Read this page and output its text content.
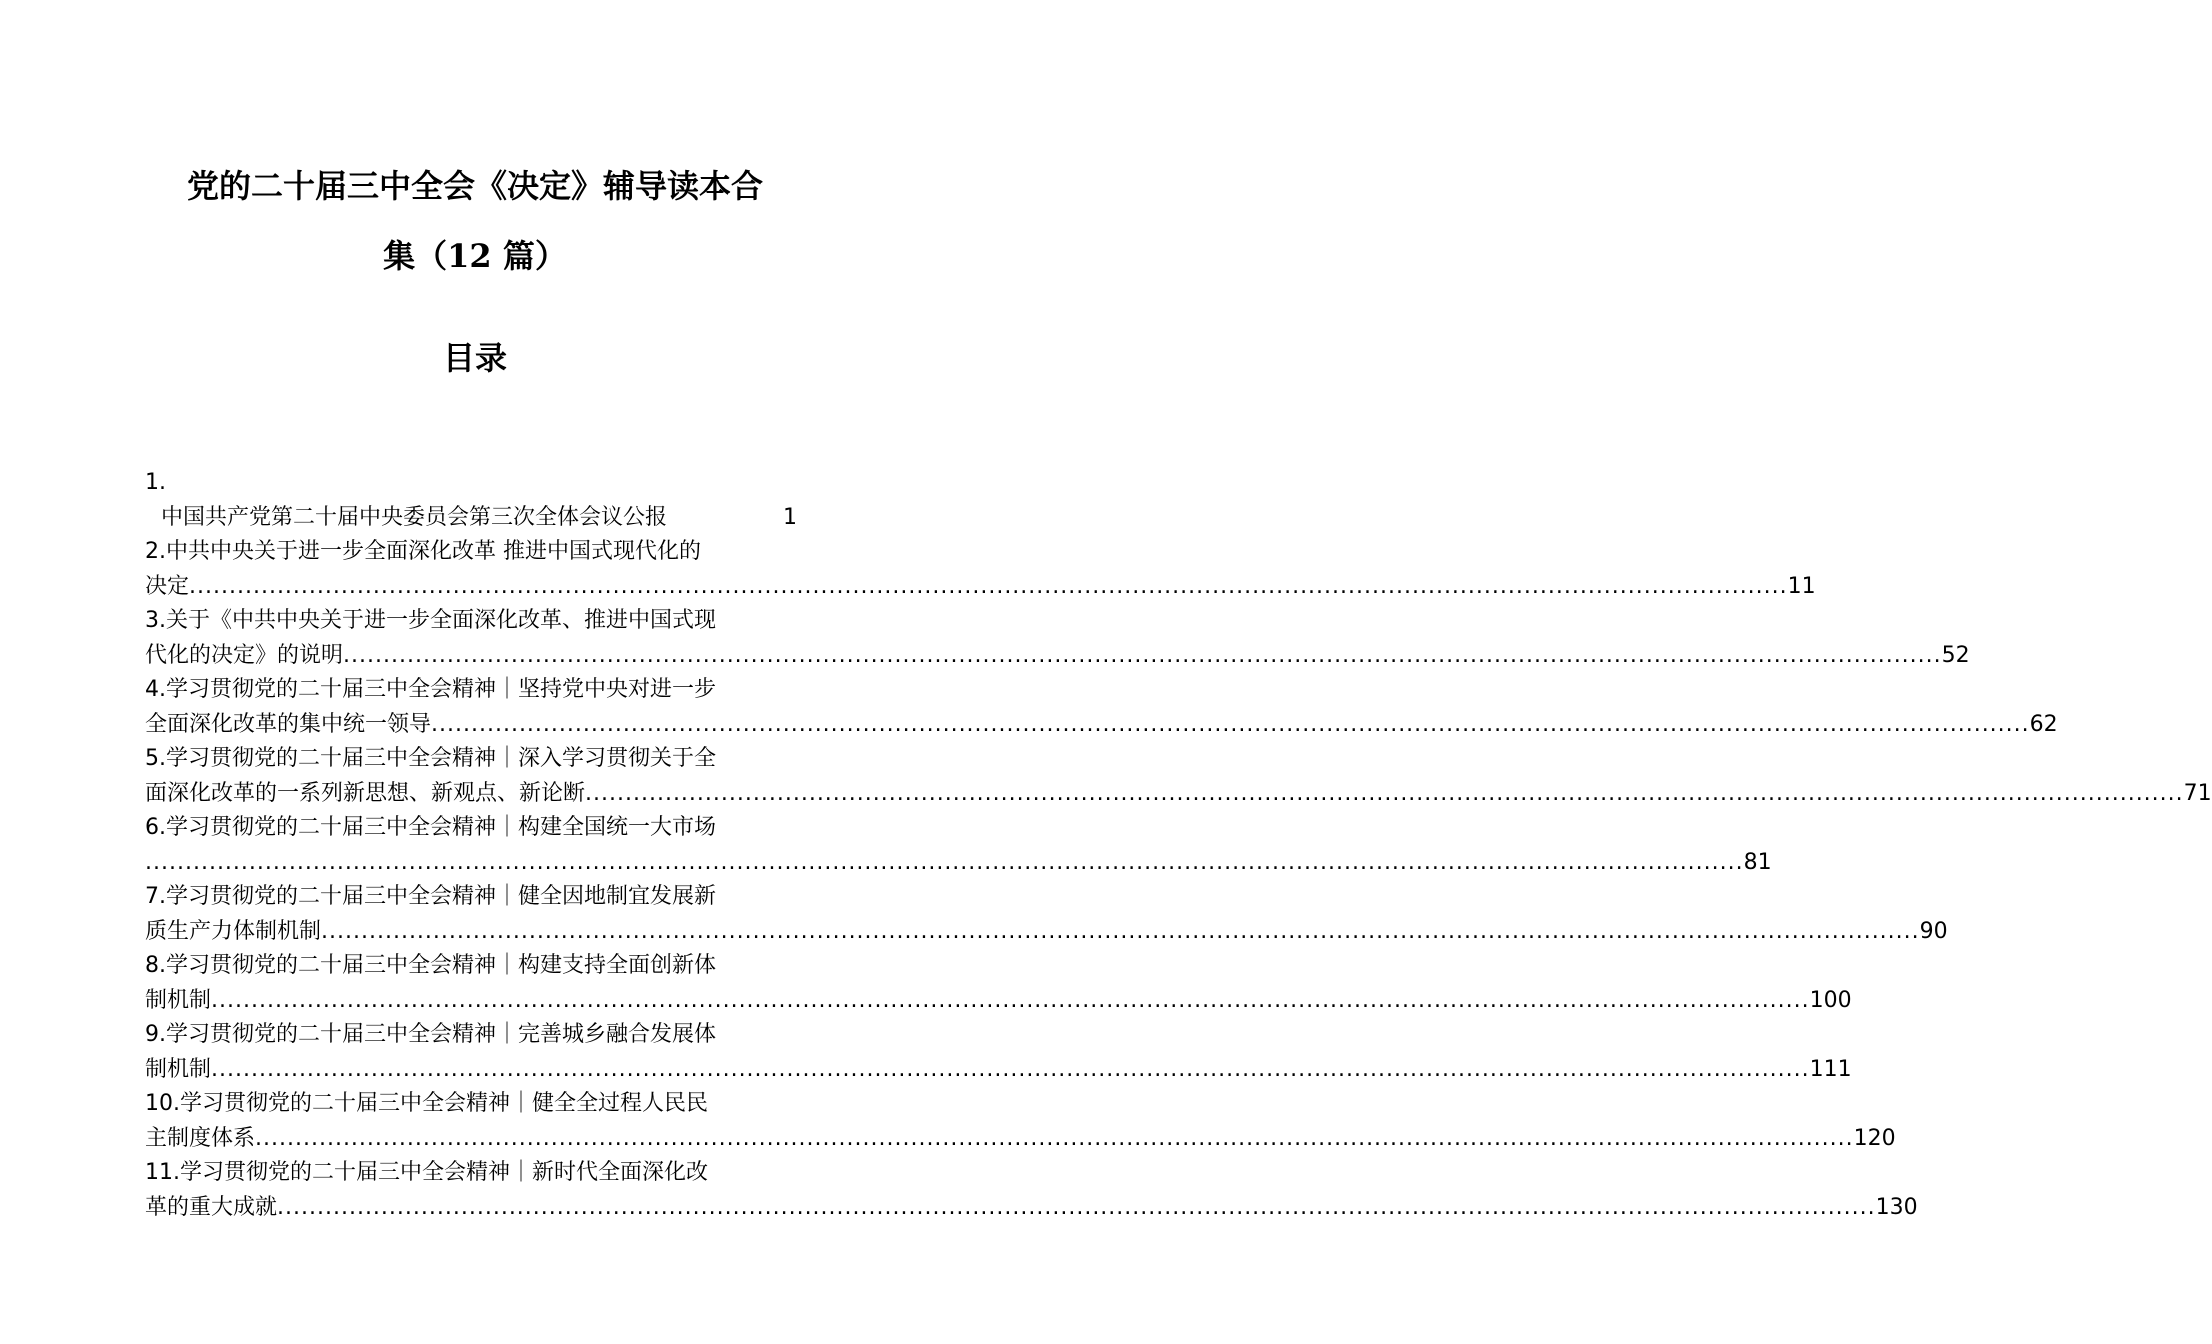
党的二十届三中全会《决定》辅导读本合
集（12 篇）
目录
1.
中国共产党第二十届中央委员会第三次全体会议公报	1
2.中共中央关于进一步全面深化改革 推进中国式现代化的
决定 ........................................................................................................................................................................................................ 11
3.关于《中共中央关于进一步全面深化改革、推进中国式现
代化的决定》的说明 ........................................................................................................................................................................................................ 52
4.学习贯彻党的二十届三中全会精神｜坚持党中央对进一步
全面深化改革的集中统一领导 ........................................................................................................................................................................................................ 62
5.学习贯彻党的二十届三中全会精神｜深入学习贯彻关于全
面深化改革的一系列新思想、新观点、新论断 ........................................................................................................................................................................................................ 71
6.学习贯彻党的二十届三中全会精神｜构建全国统一大市场
........................................................................................................................................................................................................ 81
7.学习贯彻党的二十届三中全会精神｜健全因地制宜发展新
质生产力体制机制 ........................................................................................................................................................................................................ 90
8.学习贯彻党的二十届三中全会精神｜构建支持全面创新体
制机制 ........................................................................................................................................................................................................ 100
9.学习贯彻党的二十届三中全会精神｜完善城乡融合发展体
制机制 ........................................................................................................................................................................................................ 111
10.学习贯彻党的二十届三中全会精神｜健全全过程人民民
主制度体系 ........................................................................................................................................................................................................ 120
11.学习贯彻党的二十届三中全会精神｜新时代全面深化改
革的重大成就 ........................................................................................................................................................................................................ 130
